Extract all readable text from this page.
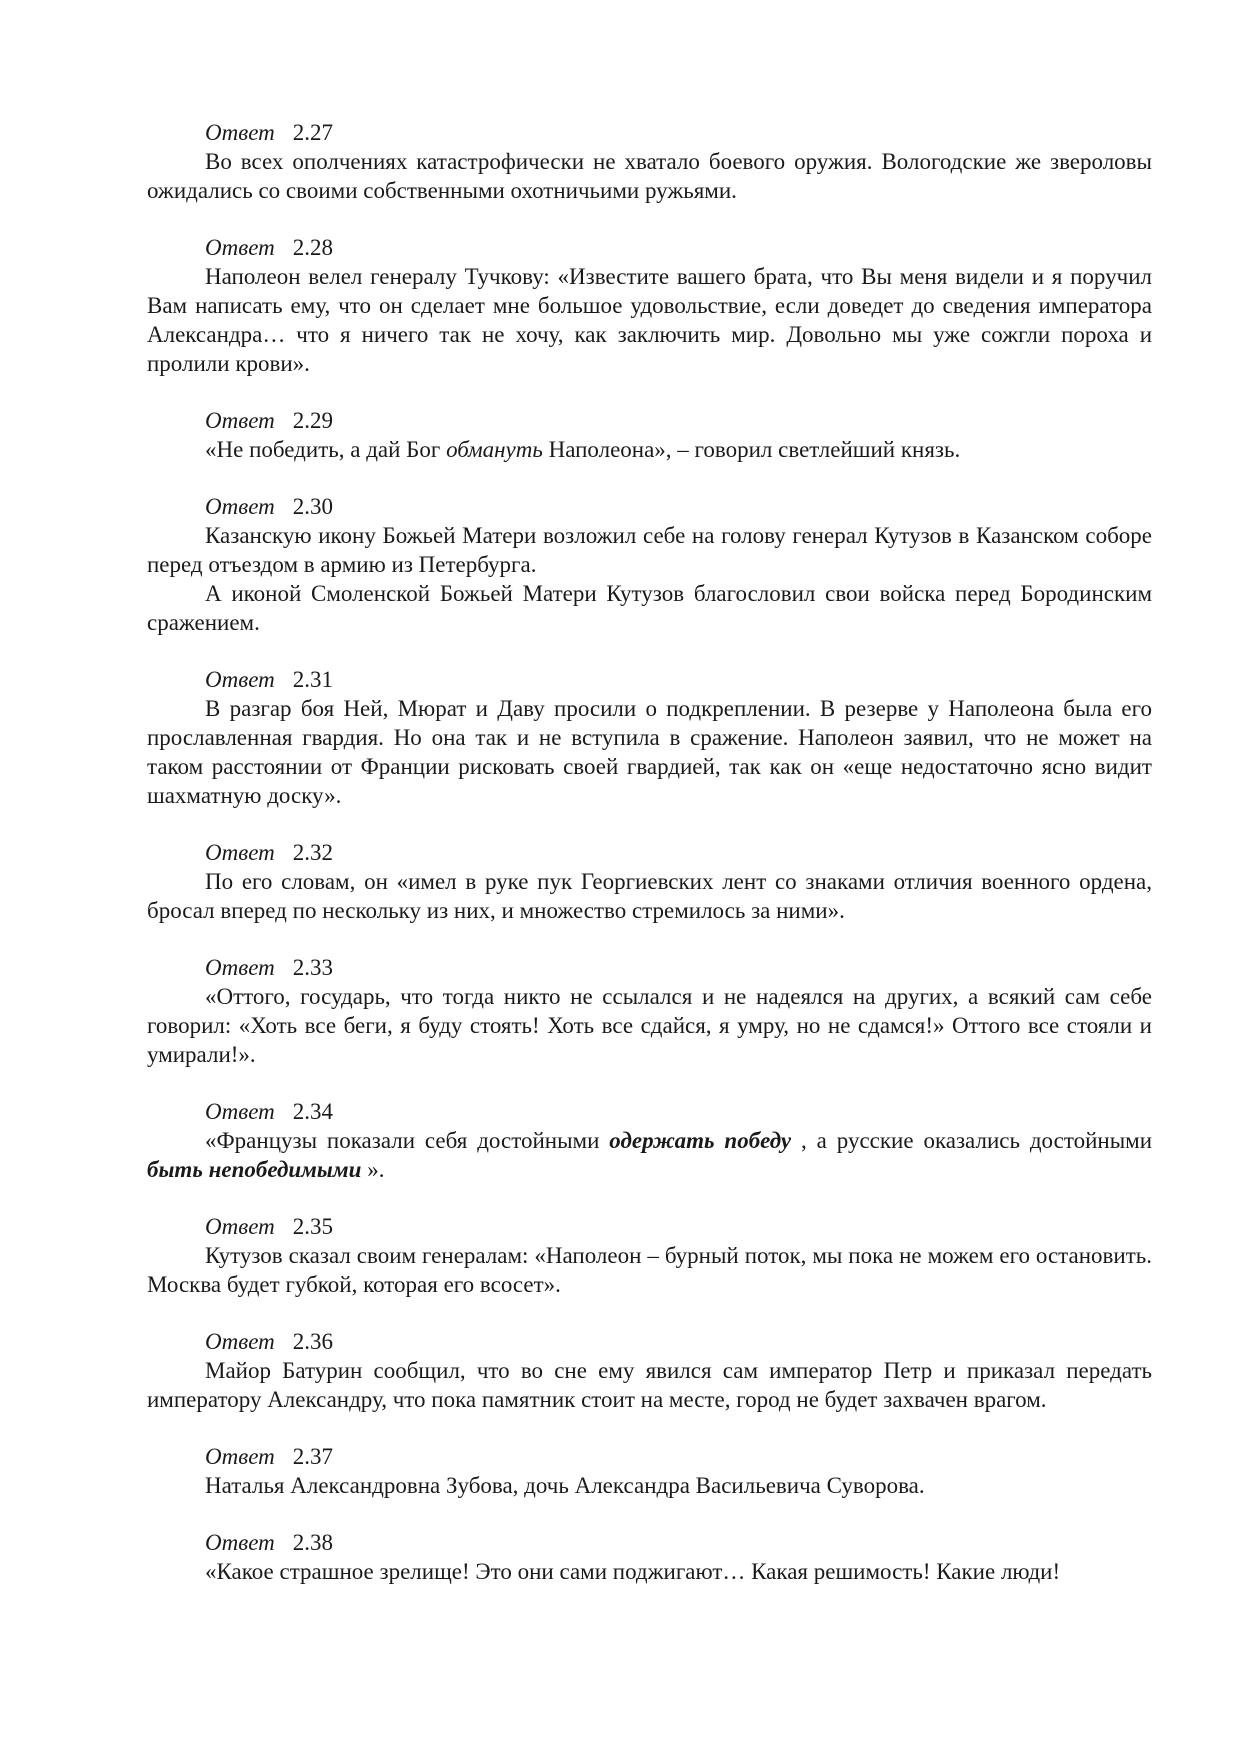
Ответ 2.27

Во всех ополчениях катастрофически не хватало боевого оружия. Вологодские же звероловы ожидались со своими собственными охотничьими ружьями.

Ответ 2.28

Наполеон велел генералу Тучкову: «Известите вашего брата, что Вы меня видели и я поручил Вам написать ему, что он сделает мне большое удовольствие, если доведет до сведения императора Александра… что я ничего так не хочу, как заключить мир. Довольно мы уже сожгли пороха и пролили крови».

Ответ 2.29

«Не победить, а дай Бог обмануть Наполеона», – говорил светлейший князь.

Ответ 2.30

Казанскую икону Божьей Матери возложил себе на голову генерал Кутузов в Казанском соборе перед отъездом в армию из Петербурга.

А иконой Смоленской Божьей Матери Кутузов благословил свои войска перед Бородинским сражением.

Ответ 2.31

В разгар боя Ней, Мюрат и Даву просили о подкреплении. В резерве у Наполеона была его прославленная гвардия. Но она так и не вступила в сражение. Наполеон заявил, что не может на таком расстоянии от Франции рисковать своей гвардией, так как он «еще недостаточно ясно видит шахматную доску».

Ответ 2.32

По его словам, он «имел в руке пук Георгиевских лент со знаками отличия военного ордена, бросал вперед по нескольку из них, и множество стремилось за ними».

Ответ 2.33

«Оттого, государь, что тогда никто не ссылался и не надеялся на других, а всякий сам себе говорил: «Хоть все беги, я буду стоять! Хоть все сдайся, я умру, но не сдамся!» Оттого все стояли и умирали!».

Ответ 2.34

«Французы показали себя достойными одержать победу , а русские оказались достойными быть непобедимыми ».

Ответ 2.35

Кутузов сказал своим генералам: «Наполеон – бурный поток, мы пока не можем его остановить. Москва будет губкой, которая его всосет».

Ответ 2.36

Майор Батурин сообщил, что во сне ему явился сам император Петр и приказал передать императору Александру, что пока памятник стоит на месте, город не будет захвачен врагом.

Ответ 2.37

Наталья Александровна Зубова, дочь Александра Васильевича Суворова.

Ответ 2.38

«Какое страшное зрелище! Это они сами поджигают… Какая решимость! Какие люди!
